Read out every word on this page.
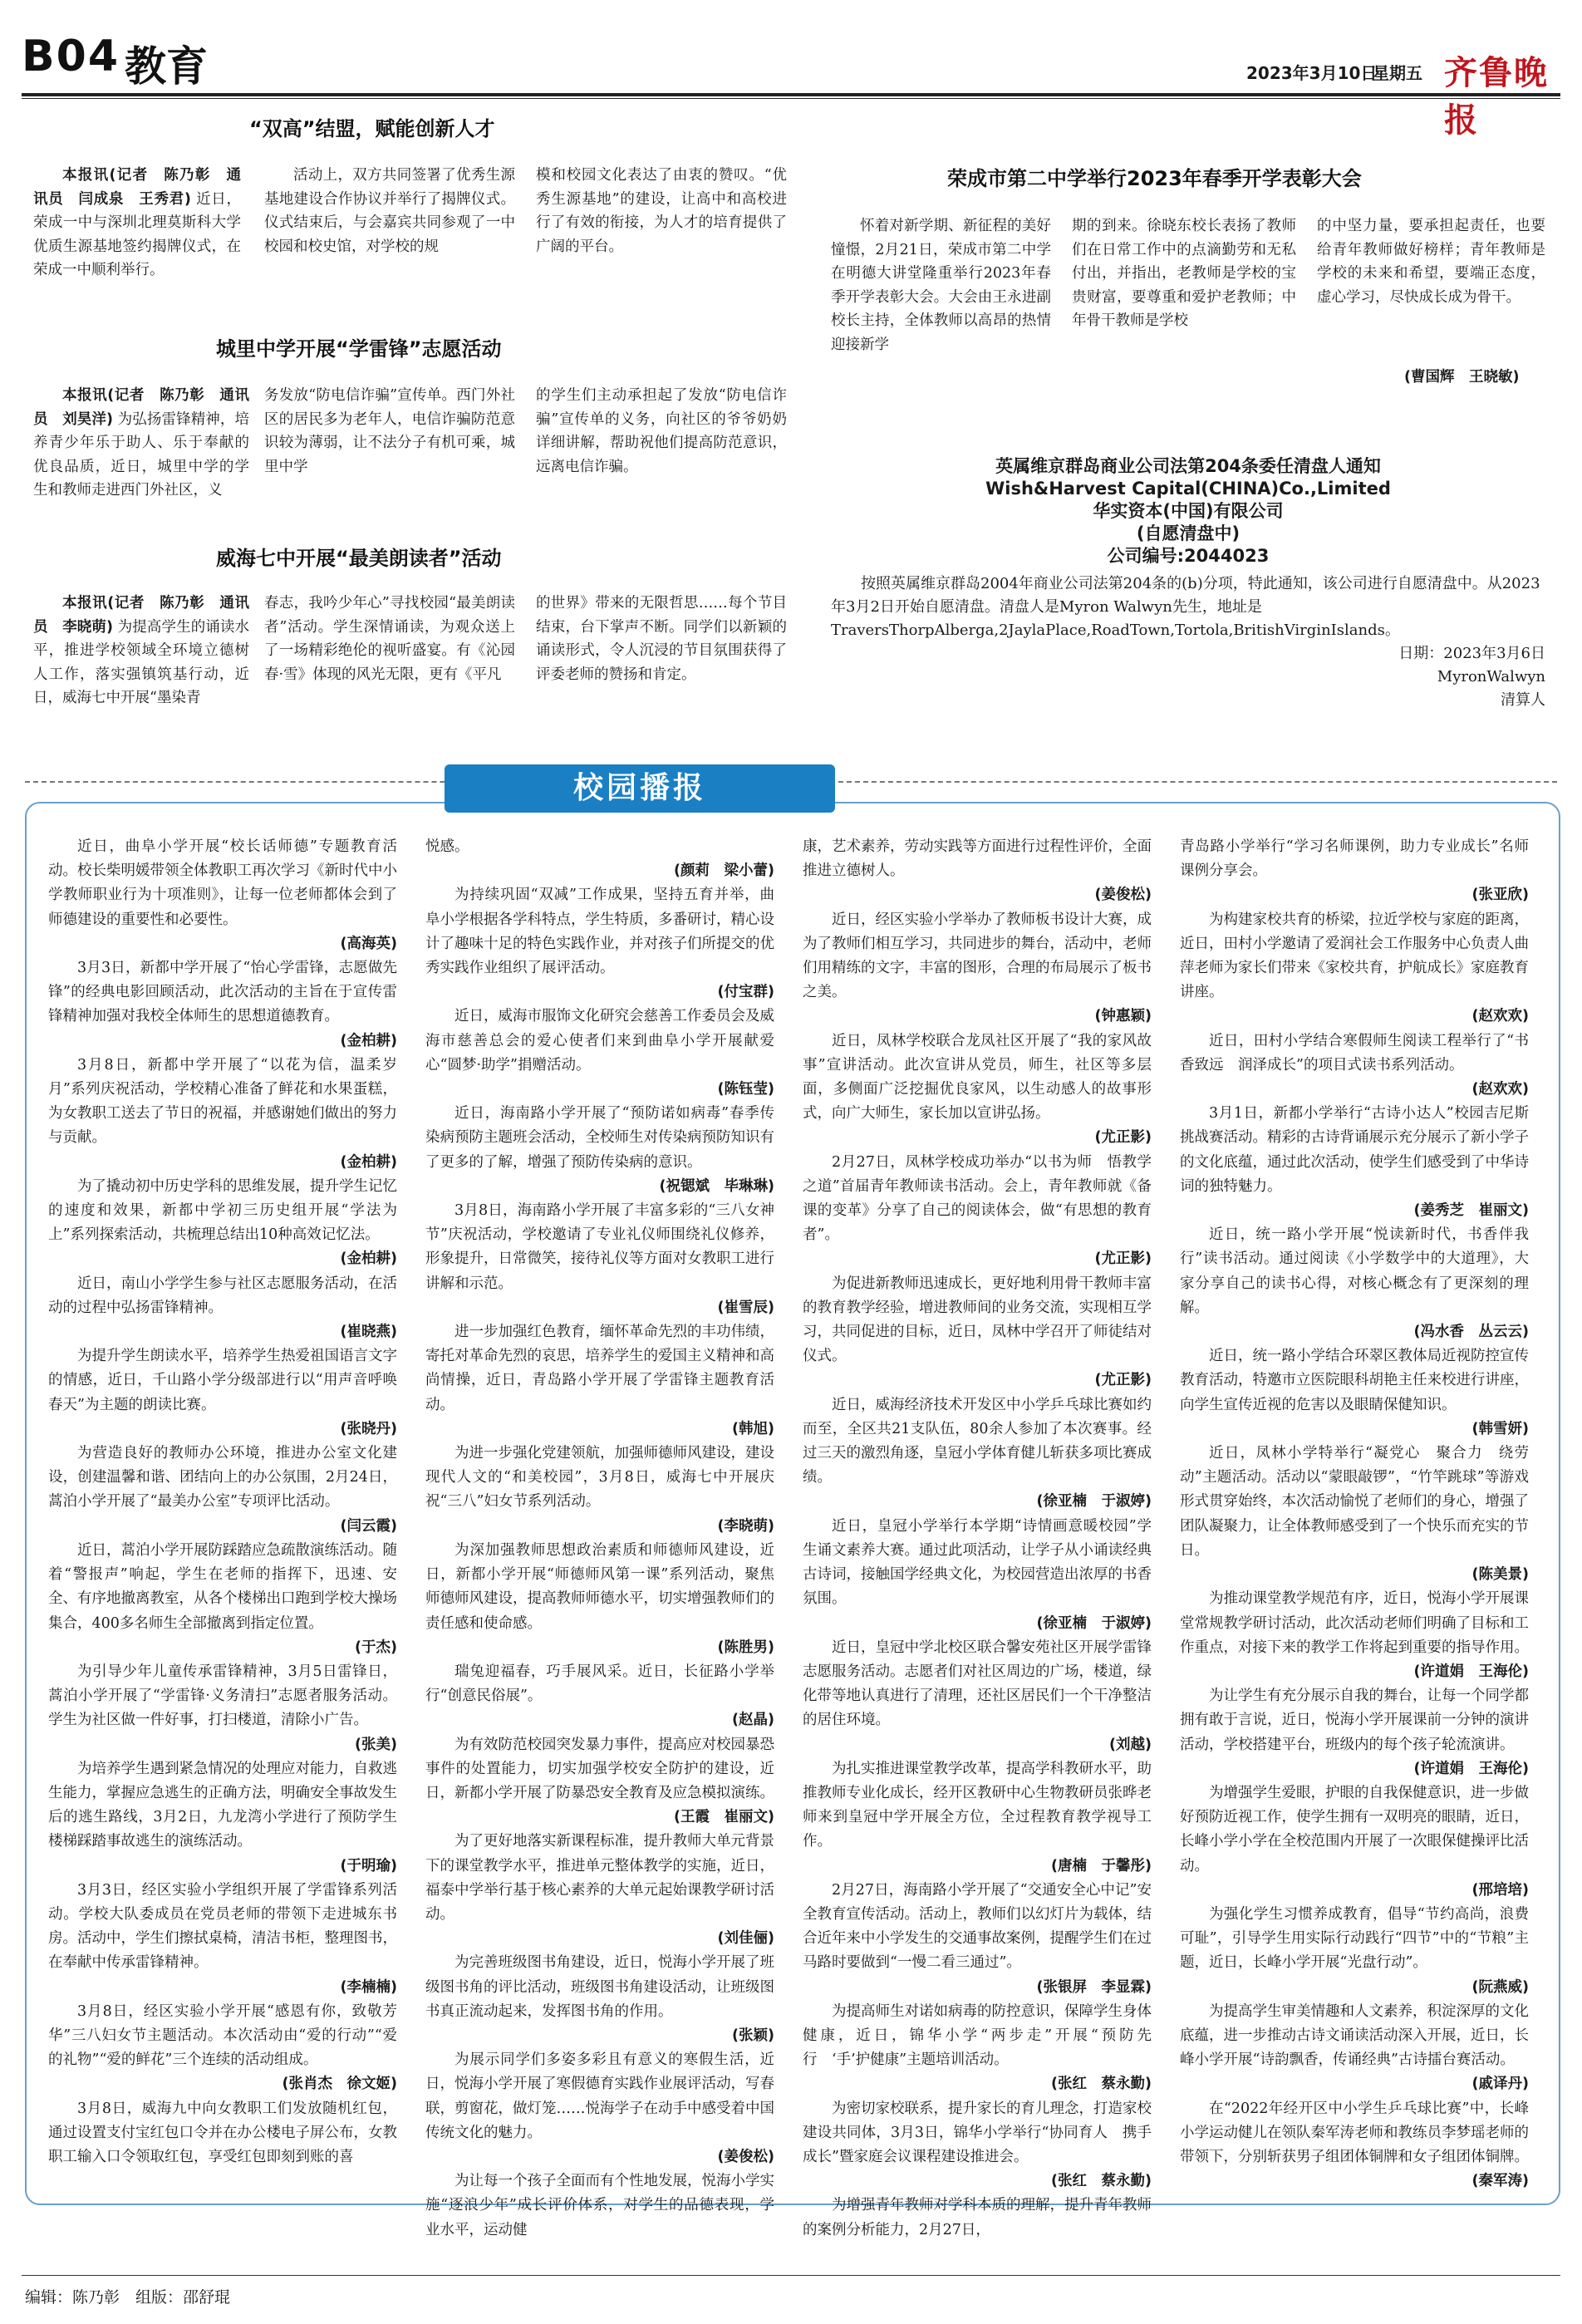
B04 教育	2023年3月10日
星期五 齐鲁晚报
“双高”结盟，赋能创新人才
本报讯(记者　陈乃彰　通讯员　闫成泉　王秀君) 近日，荣成一中与深圳北理莫斯科大学优质生源基地签约揭牌仪式，在荣成一中顺利举行。
活动上，双方共同签署了优秀生源基地建设合作协议并举行了揭牌仪式。仪式结束后，与会嘉宾共同参观了一中校园和校史馆，对学校的规
模和校园文化表达了由衷的赞叹。“优秀生源基地”的建设，让高中和高校进行了有效的衔接，为人才的培育提供了广阔的平台。
城里中学开展“学雷锋”志愿活动
本报讯(记者　陈乃彰　通讯员　刘昊洋) 为弘扬雷锋精神，培养青少年乐于助人、乐于奉献的优良品质，近日，城里中学的学生和教师走进西门外社区，义
务发放“防电信诈骗”宣传单。西门外社区的居民多为老年人，电信诈骗防范意识较为薄弱，让不法分子有机可乘，城里中学
的学生们主动承担起了发放“防电信诈骗”宣传单的义务，向社区的爷爷奶奶详细讲解，帮助祝他们提高防范意识，远离电信诈骗。
威海七中开展“最美朗读者”活动
本报讯(记者　陈乃彰　通讯员　李晓萌) 为提高学生的诵读水平，推进学校领域全环境立德树人工作，落实强镇筑基行动，近日，威海七中开展“墨染青
春志，我吟少年心”寻找校园“最美朗读者”活动。学生深情诵读，为观众送上了一场精彩绝伦的视听盛宴。有《沁园春·雪》体现的风光无限，更有《平凡
的世界》带来的无限哲思……每个节目结束，台下掌声不断。同学们以新颖的诵读形式，令人沉浸的节目氛围获得了评委老师的赞扬和肯定。
荣成市第二中学举行2023年春季开学表彰大会
怀着对新学期、新征程的美好憧憬，2月21日，荣成市第二中学在明德大讲堂隆重举行2023年春季开学表彰大会。大会由王永进副校长主持，全体教师以高昂的热情迎接新学
期的到来。徐晓东校长表扬了教师们在日常工作中的点滴勤劳和无私付出，并指出，老教师是学校的宝贵财富，要尊重和爱护老教师；中年骨干教师是学校
的中坚力量，要承担起责任，也要给青年教师做好榜样；青年教师是学校的未来和希望，要端正态度，虚心学习，尽快成长成为骨干。
(曹国辉　王晓敏)
英属维京群岛商业公司法第204条委任清盘人通知
Wish&Harvest Capital(CHINA)Co.,Limited
华实资本(中国)有限公司
(自愿清盘中)
公司编号:2044023
按照英属维京群岛2004年商业公司法第204条的(b)分项，特此通知，该公司进行自愿清盘中。从2023年3月2日开始自愿清盘。清盘人是Myron Walwyn先生，地址是TraversThorpAlberga,2JaylaPlace,RoadTown,Tortola,BritishVirginIslands。
日期：2023年3月6日
MyronWalwyn
清算人
校园播报

近日，曲阜小学开展“校长话师德”专题教育活动。校长柴明媛带领全体教职工再次学习《新时代中小学教师职业行为十项准则》，让每一位老师都体会到了师德建设的重要性和必要性。

(高海英)

3月3日，新都中学开展了“怡心学雷锋，志愿做先锋”的经典电影回顾活动，此次活动的主旨在于宣传雷锋精神加强对我校全体师生的思想道德教育。

(金柏耕)

3月8日，新都中学开展了“以花为信，温柔岁月”系列庆祝活动，学校精心准备了鲜花和水果蛋糕，为女教职工送去了节日的祝福，并感谢她们做出的努力与贡献。

(金柏耕)

为了撬动初中历史学科的思维发展，提升学生记忆的速度和效果，新都中学初三历史组开展“学法为上”系列探索活动，共梳理总结出10种高效记忆法。

(金柏耕)

近日，南山小学学生参与社区志愿服务活动，在活动的过程中弘扬雷锋精神。

(崔晓燕)

为提升学生朗读水平，培养学生热爱祖国语言文字的情感，近日，千山路小学分级部进行以“用声音呼唤春天”为主题的朗读比赛。

(张晓丹)

为营造良好的教师办公环境，推进办公室文化建设，创建温馨和谐、团结向上的办公氛围，2月24日，蒿泊小学开展了“最美办公室”专项评比活动。

(闫云霞)

近日，蒿泊小学开展防踩踏应急疏散演练活动。随着“警报声”响起，学生在老师的指挥下，迅速、安全、有序地撤离教室，从各个楼梯出口跑到学校大操场集合，400多名师生全部撤离到指定位置。

(于杰)

为引导少年儿童传承雷锋精神，3月5日雷锋日，蒿泊小学开展了“学雷锋·义务清扫”志愿者服务活动。学生为社区做一件好事，打扫楼道，清除小广告。

(张美)

为培养学生遇到紧急情况的处理应对能力，自救逃生能力，掌握应急逃生的正确方法，明确安全事故发生后的逃生路线，3月2日，九龙湾小学进行了预防学生楼梯踩踏事故逃生的演练活动。

(于明瑜)

3月3日，经区实验小学组织开展了学雷锋系列活动。学校大队委成员在党员老师的带领下走进城东书房。活动中，学生们擦拭桌椅，清洁书柜，整理图书，在奉献中传承雷锋精神。

(李楠楠)

3月8日，经区实验小学开展“感恩有你，致敬芳华”三八妇女节主题活动。本次活动由“爱的行动”“爱的礼物”“爱的鲜花”三个连续的活动组成。

(张肖杰　徐文姬)

3月8日，威海九中向女教职工们发放随机红包，通过设置支付宝红包口令并在办公楼电子屏公布，女教职工输入口令领取红包，享受红包即刻到账的喜

悦感。

(颜莉　梁小蕾)

为持续巩固“双减”工作成果，坚持五育并举，曲阜小学根据各学科特点，学生特质，多番研讨，精心设计了趣味十足的特色实践作业，并对孩子们所提交的优秀实践作业组织了展评活动。

(付宝群)

近日，威海市服饰文化研究会慈善工作委员会及威海市慈善总会的爱心使者们来到曲阜小学开展献爱心“圆梦·助学”捐赠活动。

(陈钰莹)

近日，海南路小学开展了“预防诺如病毒”春季传染病预防主题班会活动，全校师生对传染病预防知识有了更多的了解，增强了预防传染病的意识。

(祝锶斌　毕琳琳)

3月8日，海南路小学开展了丰富多彩的“三八女神节”庆祝活动，学校邀请了专业礼仪师围绕礼仪修养，形象提升，日常微笑，接待礼仪等方面对女教职工进行讲解和示范。

(崔雪辰)

进一步加强红色教育，缅怀革命先烈的丰功伟绩，寄托对革命先烈的哀思，培养学生的爱国主义精神和高尚情操，近日，青岛路小学开展了学雷锋主题教育活动。

(韩旭)

为进一步强化党建领航，加强师德师风建设，建设现代人文的“和美校园”，3月8日，威海七中开展庆祝“三八”妇女节系列活动。

(李晓萌)

为深加强教师思想政治素质和师德师风建设，近日，新都小学开展“师德师风第一课”系列活动，聚焦师德师风建设，提高教师师德水平，切实增强教师们的责任感和使命感。

(陈胜男)

瑞兔迎福春，巧手展风采。近日，长征路小学举行“创意民俗展”。

(赵晶)

为有效防范校园突发暴力事件，提高应对校园暴恐事件的处置能力，切实加强学校安全防护的建设，近日，新都小学开展了防暴恐安全教育及应急模拟演练。

(王霞　崔丽文)

为了更好地落实新课程标准，提升教师大单元背景下的课堂教学水平，推进单元整体教学的实施，近日，福泰中学举行基于核心素养的大单元起始课教学研讨活动。

(刘佳俪)

为完善班级图书角建设，近日，悦海小学开展了班级图书角的评比活动，班级图书角建设活动，让班级图书真正流动起来，发挥图书角的作用。

(张颖)

为展示同学们多姿多彩且有意义的寒假生活，近日，悦海小学开展了寒假德育实践作业展评活动，写春联，剪窗花，做灯笼……悦海学子在动手中感受着中国传统文化的魅力。

(姜俊松)

为让每一个孩子全面而有个性地发展，悦海小学实施“逐浪少年”成长评价体系，对学生的品德表现，学业水平，运动健

康，艺术素养，劳动实践等方面进行过程性评价，全面推进立德树人。

(姜俊松)

近日，经区实验小学举办了教师板书设计大赛，成为了教师们相互学习，共同进步的舞台，活动中，老师们用精练的文字，丰富的图形，合理的布局展示了板书之美。

(钟惠颖)

近日，凤林学校联合龙凤社区开展了“我的家风故事”宣讲活动。此次宣讲从党员，师生，社区等多层面，多侧面广泛挖掘优良家风，以生动感人的故事形式，向广大师生，家长加以宣讲弘扬。

(尤正影)

2月27日，凤林学校成功举办“以书为师　悟教学之道”首届青年教师读书活动。会上，青年教师就《备课的变革》分享了自己的阅读体会，做“有思想的教育者”。

(尤正影)

为促进新教师迅速成长，更好地利用骨干教师丰富的教育教学经验，增进教师间的业务交流，实现相互学习，共同促进的目标，近日，凤林中学召开了师徒结对仪式。

(尤正影)

近日，威海经济技术开发区中小学乒乓球比赛如约而至，全区共21支队伍，80余人参加了本次赛事。经过三天的激烈角逐，皇冠小学体育健儿斩获多项比赛成绩。

(徐亚楠　于淑婷)

近日，皇冠小学举行本学期“诗情画意暖校园”学生诵文素养大赛。通过此项活动，让学子从小诵读经典古诗词，接触国学经典文化，为校园营造出浓厚的书香氛围。

(徐亚楠　于淑婷)

近日，皇冠中学北校区联合馨安苑社区开展学雷锋志愿服务活动。志愿者们对社区周边的广场，楼道，绿化带等地认真进行了清理，还社区居民们一个干净整洁的居住环境。

(刘越)

为扎实推进课堂教学改革，提高学科教研水平，助推教师专业化成长，经开区教研中心生物教研员张晔老师来到皇冠中学开展全方位，全过程教育教学视导工作。

(唐楠　于馨彤)

2月27日，海南路小学开展了“交通安全心中记”安全教育宣传活动。活动上，教师们以幻灯片为载体，结合近年来中小学发生的交通事故案例，提醒学生们在过马路时要做到“一慢二看三通过”。

(张银屏　李显霖)

为提高师生对诺如病毒的防控意识，保障学生身体健康，近日，锦华小学“两步走”开展“预防先行　‘手’护健康”主题培训活动。

(张红　蔡永勤)

为密切家校联系，提升家长的育儿理念，打造家校建设共同体，3月3日，锦华小学举行“协同育人　携手成长”暨家庭会议课程建设推进会。

(张红　蔡永勤)

为增强青年教师对学科本质的理解，提升青年教师的案例分析能力，2月27日，

青岛路小学举行“学习名师课例，助力专业成长”名师课例分享会。

(张亚欣)

为构建家校共育的桥梁，拉近学校与家庭的距离，近日，田村小学邀请了爱润社会工作服务中心负责人曲萍老师为家长们带来《家校共育，护航成长》家庭教育讲座。

(赵欢欢)

近日，田村小学结合寒假师生阅读工程举行了“书香致远　润泽成长”的项目式读书系列活动。

(赵欢欢)

3月1日，新都小学举行“古诗小达人”校园吉尼斯挑战赛活动。精彩的古诗背诵展示充分展示了新小学子的文化底蕴，通过此次活动，使学生们感受到了中华诗词的独特魅力。

(姜秀芝　崔丽文)

近日，统一路小学开展“悦读新时代，书香伴我行”读书活动。通过阅读《小学数学中的大道理》，大家分享自己的读书心得，对核心概念有了更深刻的理解。

(冯水香　丛云云)

近日，统一路小学结合环翠区教体局近视防控宣传教育活动，特邀市立医院眼科胡艳主任来校进行讲座，向学生宣传近视的危害以及眼睛保健知识。

(韩雪妍)

近日，凤林小学特举行“凝党心　聚合力　绕劳动”主题活动。活动以“蒙眼敲锣”，“竹竿跳球”等游戏形式贯穿始终，本次活动愉悦了老师们的身心，增强了团队凝聚力，让全体教师感受到了一个快乐而充实的节日。

(陈美景)

为推动课堂教学规范有序，近日，悦海小学开展课堂常规教学研讨活动，此次活动老师们明确了目标和工作重点，对接下来的教学工作将起到重要的指导作用。

(许道娟　王海伦)

为让学生有充分展示自我的舞台，让每一个同学都拥有敢于言说，近日，悦海小学开展课前一分钟的演讲活动，学校搭建平台，班级内的每个孩子轮流演讲。

(许道娟　王海伦)

为增强学生爱眼，护眼的自我保健意识，进一步做好预防近视工作，使学生拥有一双明亮的眼睛，近日，长峰小学小学在全校范围内开展了一次眼保健操评比活动。

(邢培培)

为强化学生习惯养成教育，倡导“节约高尚，浪费可耻”，引导学生用实际行动践行“四节”中的“节粮”主题，近日，长峰小学开展“光盘行动”。

(阮燕威)

为提高学生审美情趣和人文素养，积淀深厚的文化底蕴，进一步推动古诗文诵读活动深入开展，近日，长峰小学开展“诗韵飘香，传诵经典”古诗擂台赛活动。

(戚译丹)

在“2022年经开区中小学生乒乓球比赛”中，长峰小学运动健儿在领队秦军涛老师和教练员李梦瑶老师的带领下，分别斩获男子组团体铜牌和女子组团体铜牌。

(秦军涛)

编辑：陈乃彰　组版：邵舒琨
